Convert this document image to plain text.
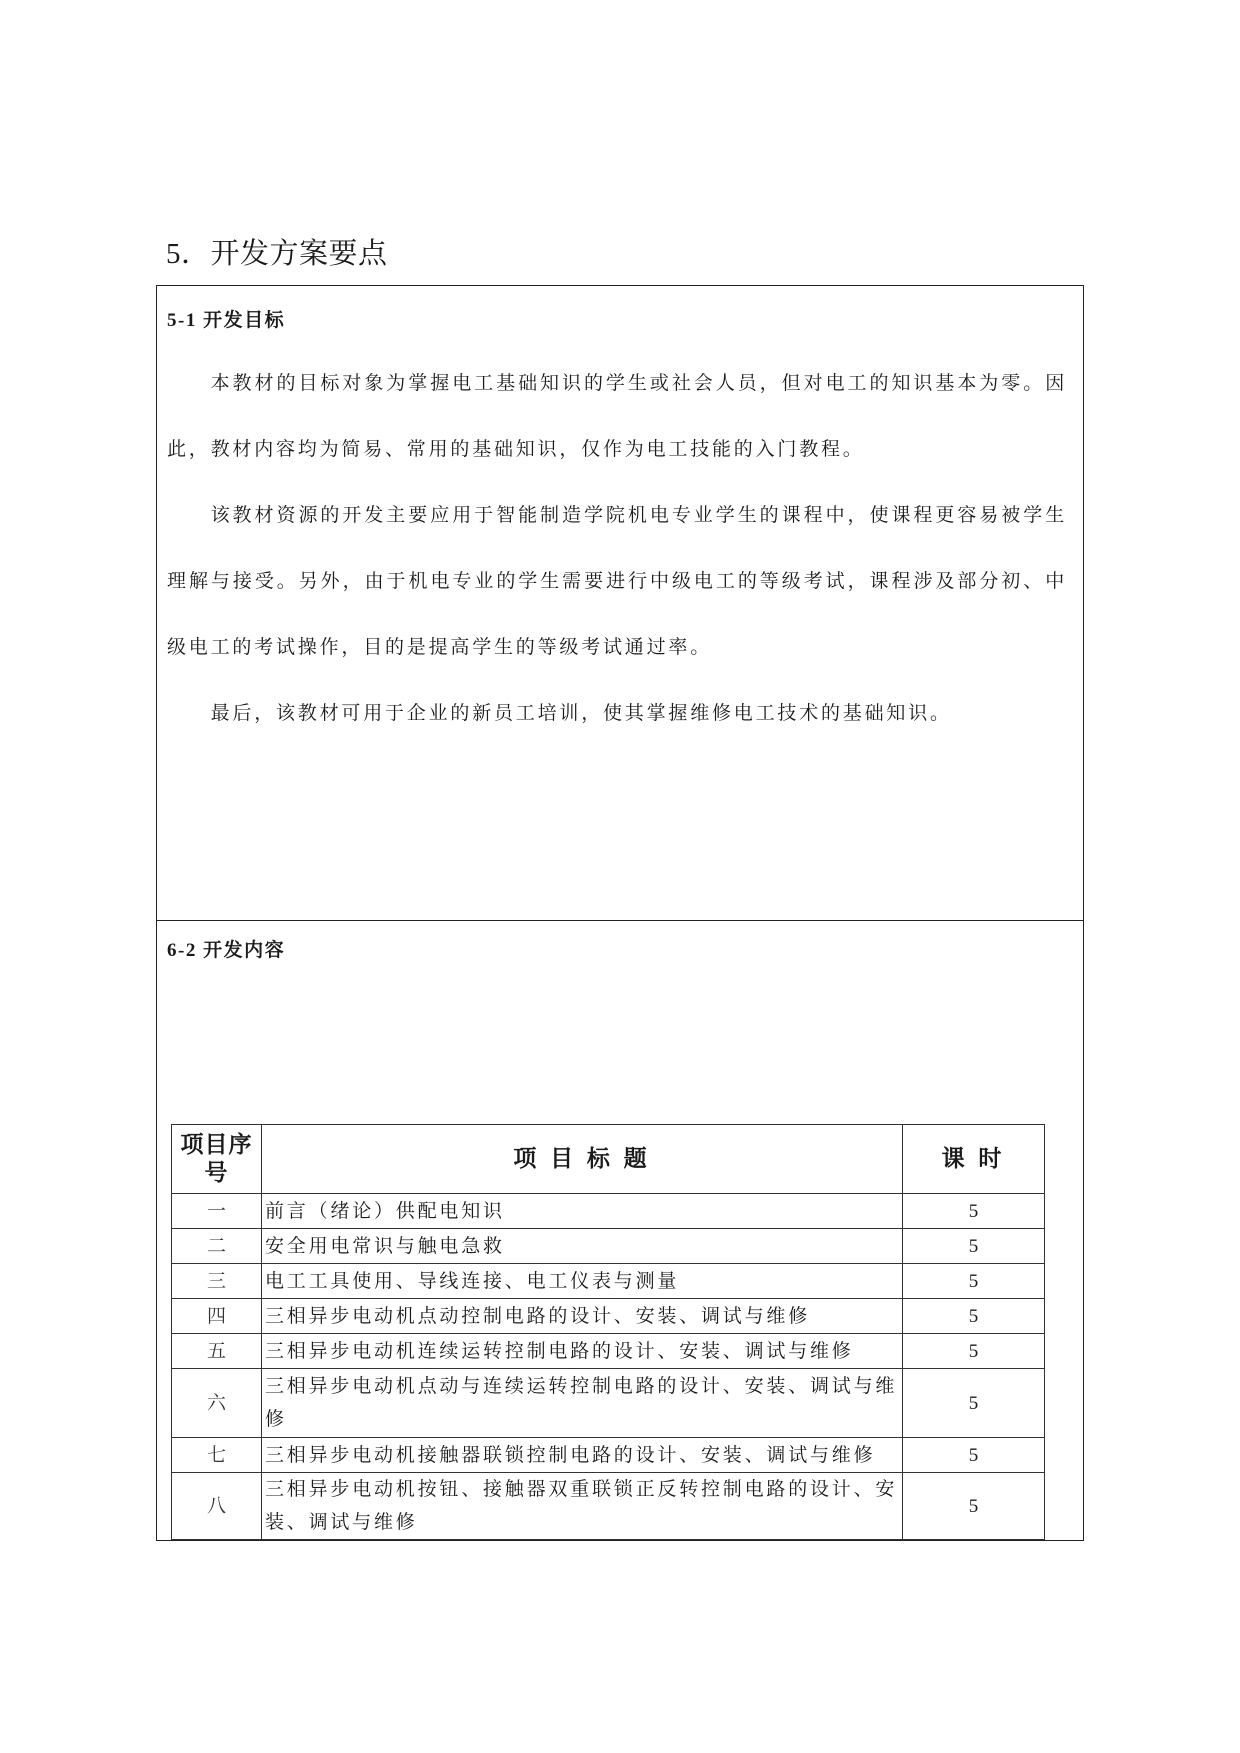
5．开发方案要点
5-1 开发目标

本教材的目标对象为掌握电工基础知识的学生或社会人员，但对电工的知识基本为零。因此，教材内容均为简易、常用的基础知识，仅作为电工技能的入门教程。

该教材资源的开发主要应用于智能制造学院机电专业学生的课程中，使课程更容易被学生理解与接受。另外，由于机电专业的学生需要进行中级电工的等级考试，课程涉及部分初、中级电工的考试操作，目的是提高学生的等级考试通过率。

最后，该教材可用于企业的新员工培训，使其掌握维修电工技术的基础知识。

6-2 开发内容
项目序号	项 目 标 题	课 时
一	前言（绪论）供配电知识	5
二	安全用电常识与触电急救	5
三	电工工具使用、导线连接、电工仪表与测量	5
四	三相异步电动机点动控制电路的设计、安装、调试与维修	5
五	三相异步电动机连续运转控制电路的设计、安装、调试与维修	5
六	三相异步电动机点动与连续运转控制电路的设计、安装、调试与维修	5
七	三相异步电动机接触器联锁控制电路的设计、安装、调试与维修	5
八	三相异步电动机按钮、接触器双重联锁正反转控制电路的设计、安装、调试与维修	5
